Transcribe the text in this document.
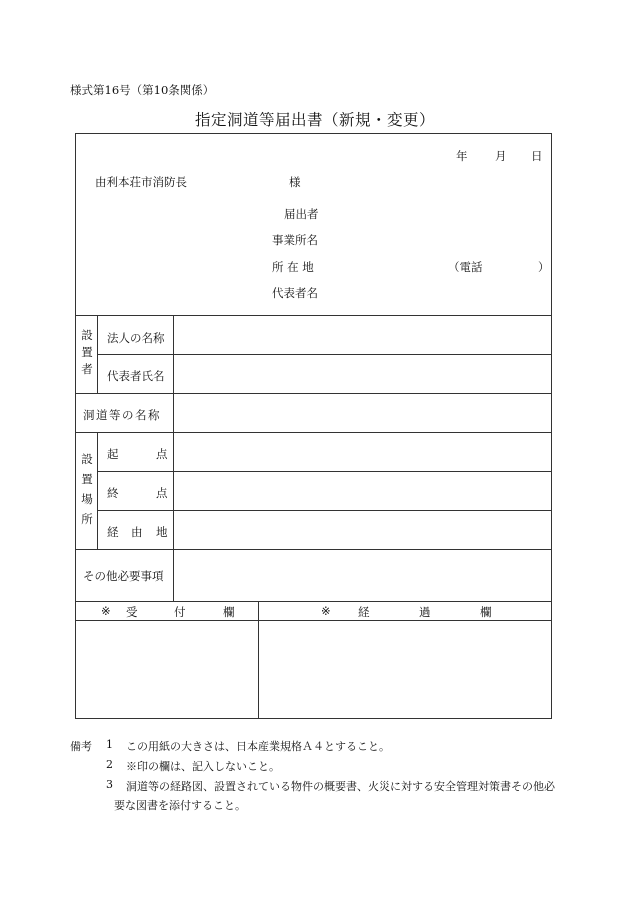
様式第16号（第10条関係）
指定洞道等届出書（新規・変更）
年 月 日
由利本荘市消防長	様
届出者
事業所名
所 在 地	（電話	）
代表者名
設
置
者
法人の名称
代表者氏名
洞道等の名称
設
置
場
所
起	点
終	点
経 由 地
その他必要事項
※ 受	付	欄	※ 経	過	欄
備考 1 この用紙の大きさは、日本産業規格Ａ４とすること。
2 ※印の欄は、記入しないこと。
3 洞道等の経路図、設置されている物件の概要書、火災に対する安全管理対策書その他必
要な図書を添付すること。
